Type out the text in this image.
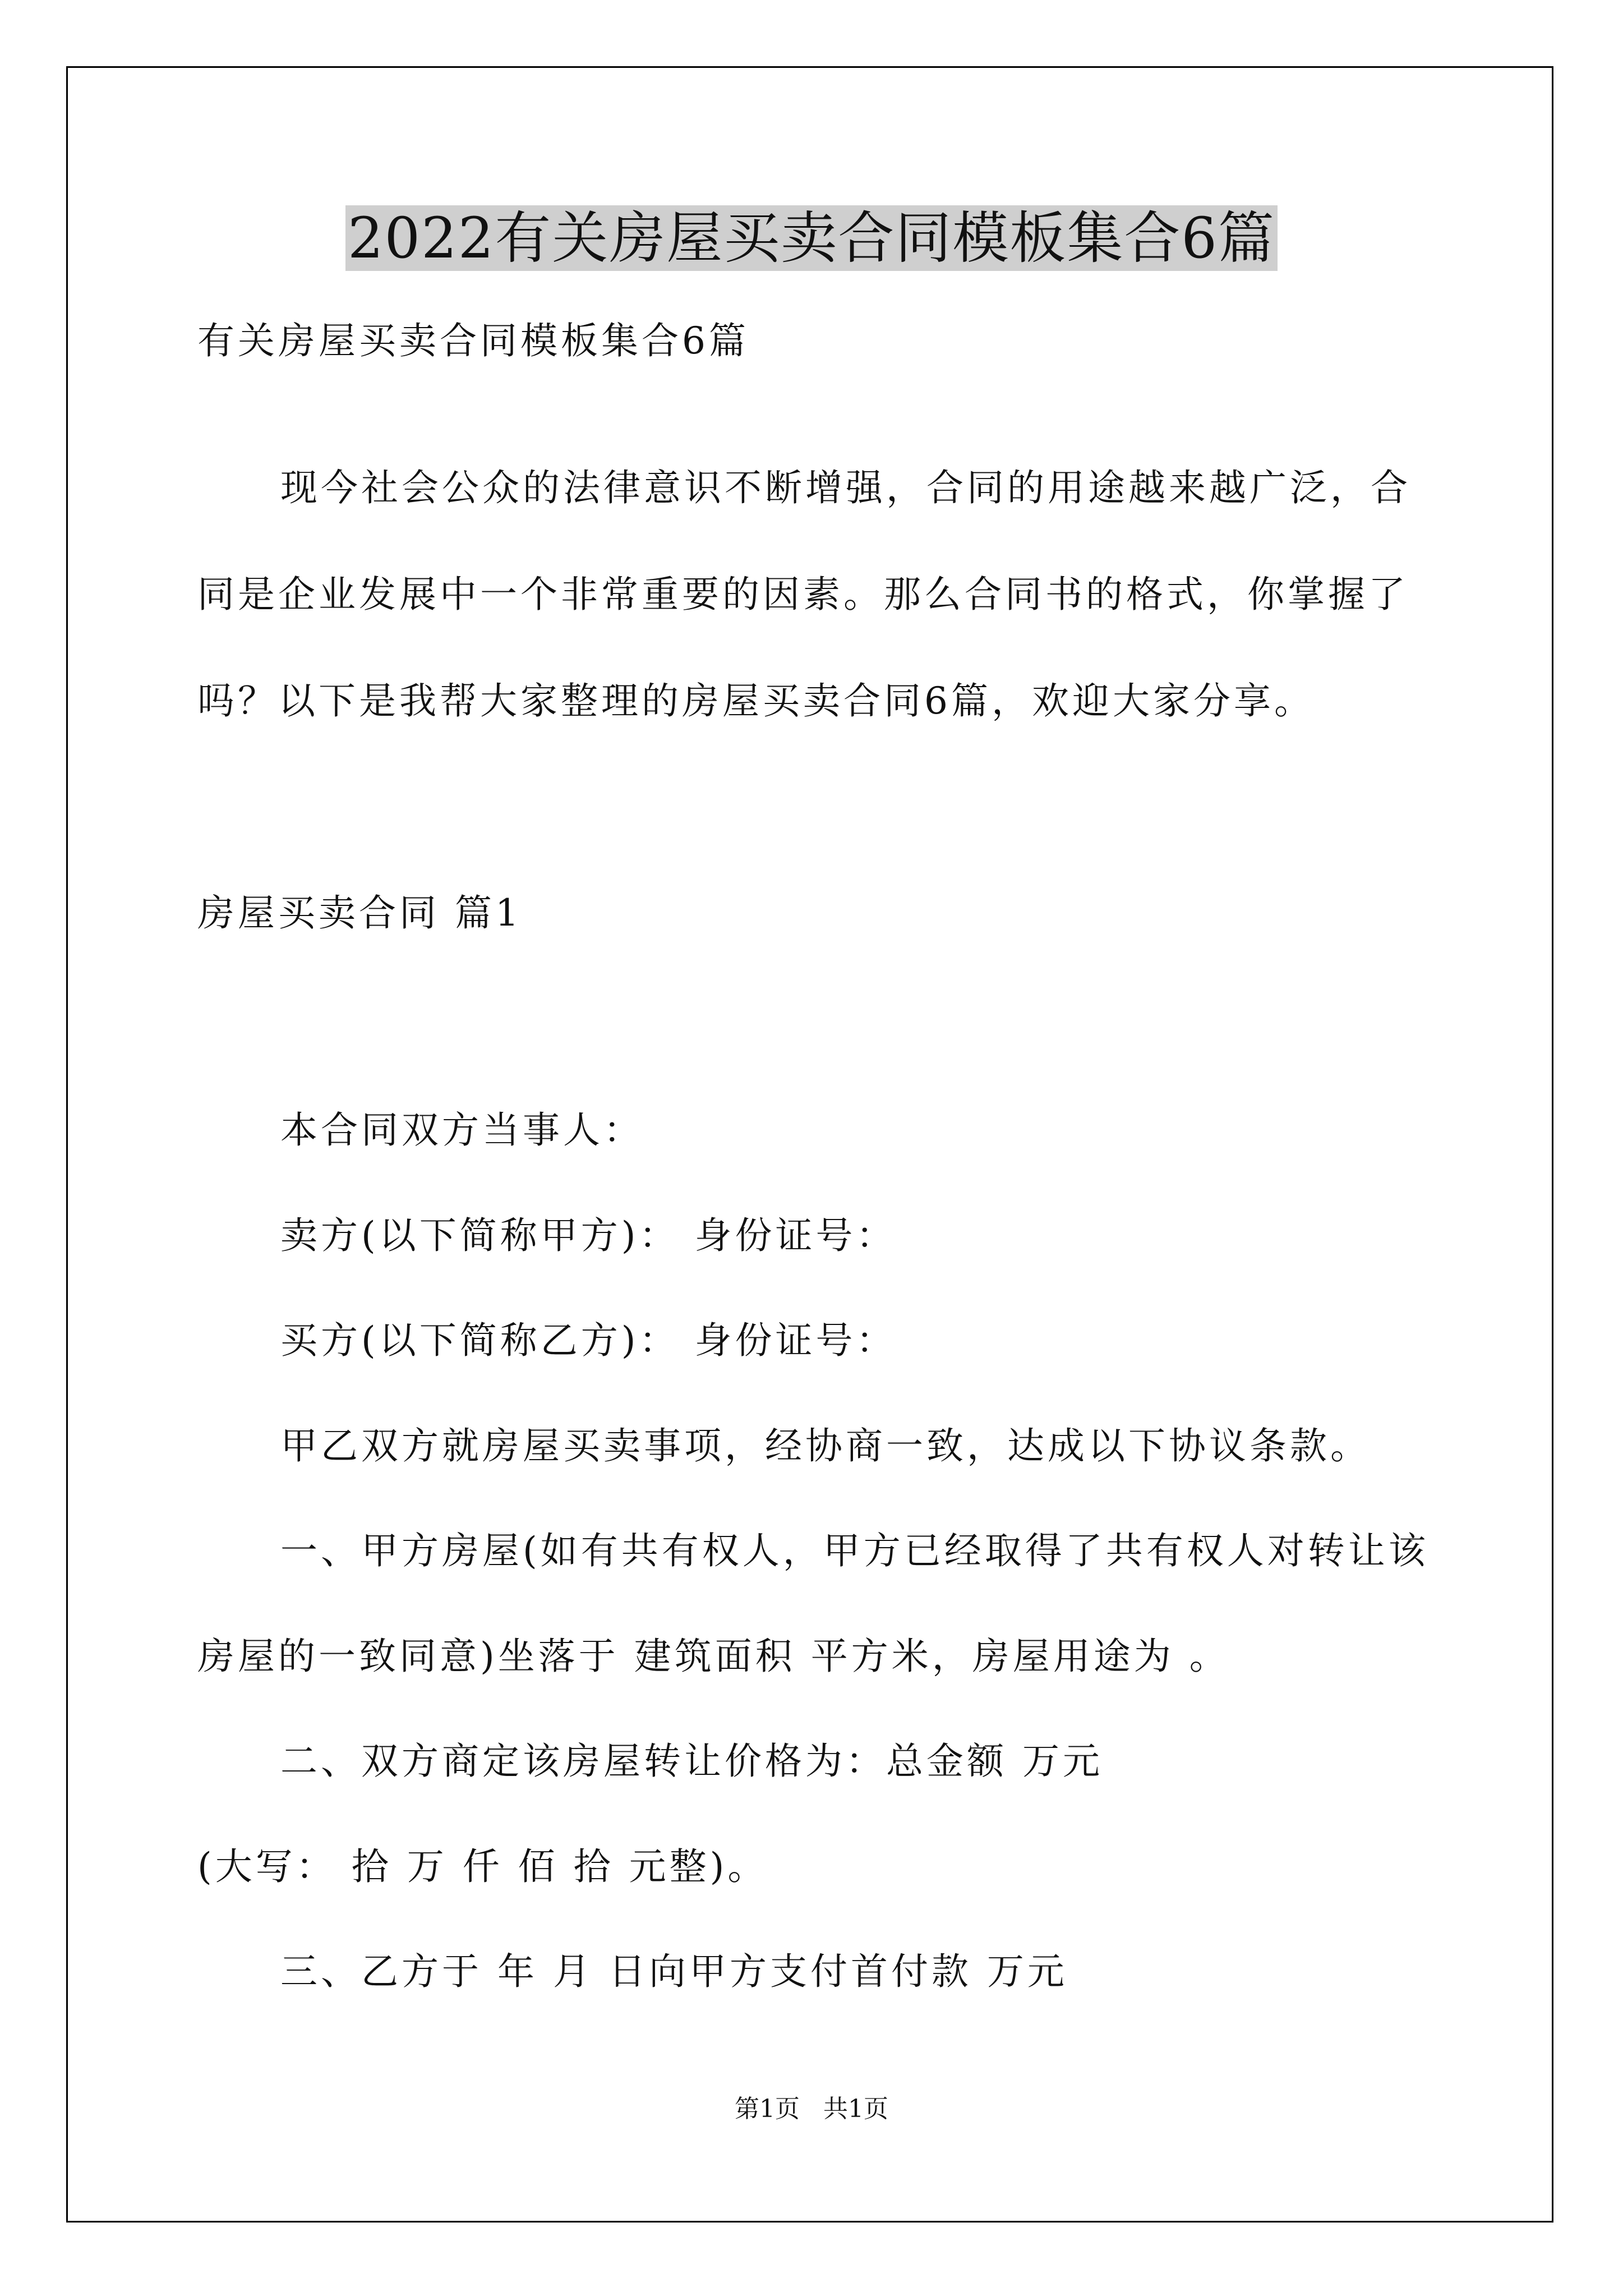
2022有关房屋买卖合同模板集合6篇
有关房屋买卖合同模板集合6篇
现今社会公众的法律意识不断增强，合同的用途越来越广泛，合
同是企业发展中一个非常重要的因素。那么合同书的格式，你掌握了
吗？以下是我帮大家整理的房屋买卖合同6篇，欢迎大家分享。
房屋买卖合同 篇1
本合同双方当事人：
卖方(以下简称甲方)： 身份证号：
买方(以下简称乙方)： 身份证号：
甲乙双方就房屋买卖事项，经协商一致，达成以下协议条款。
一、甲方房屋(如有共有权人，甲方已经取得了共有权人对转让该
房屋的一致同意)坐落于 建筑面积 平方米，房屋用途为 。
二、双方商定该房屋转让价格为：总金额 万元
(大写： 拾 万 仟 佰 拾 元整)。
三、乙方于 年 月 日向甲方支付首付款 万元
第1页   共1页
